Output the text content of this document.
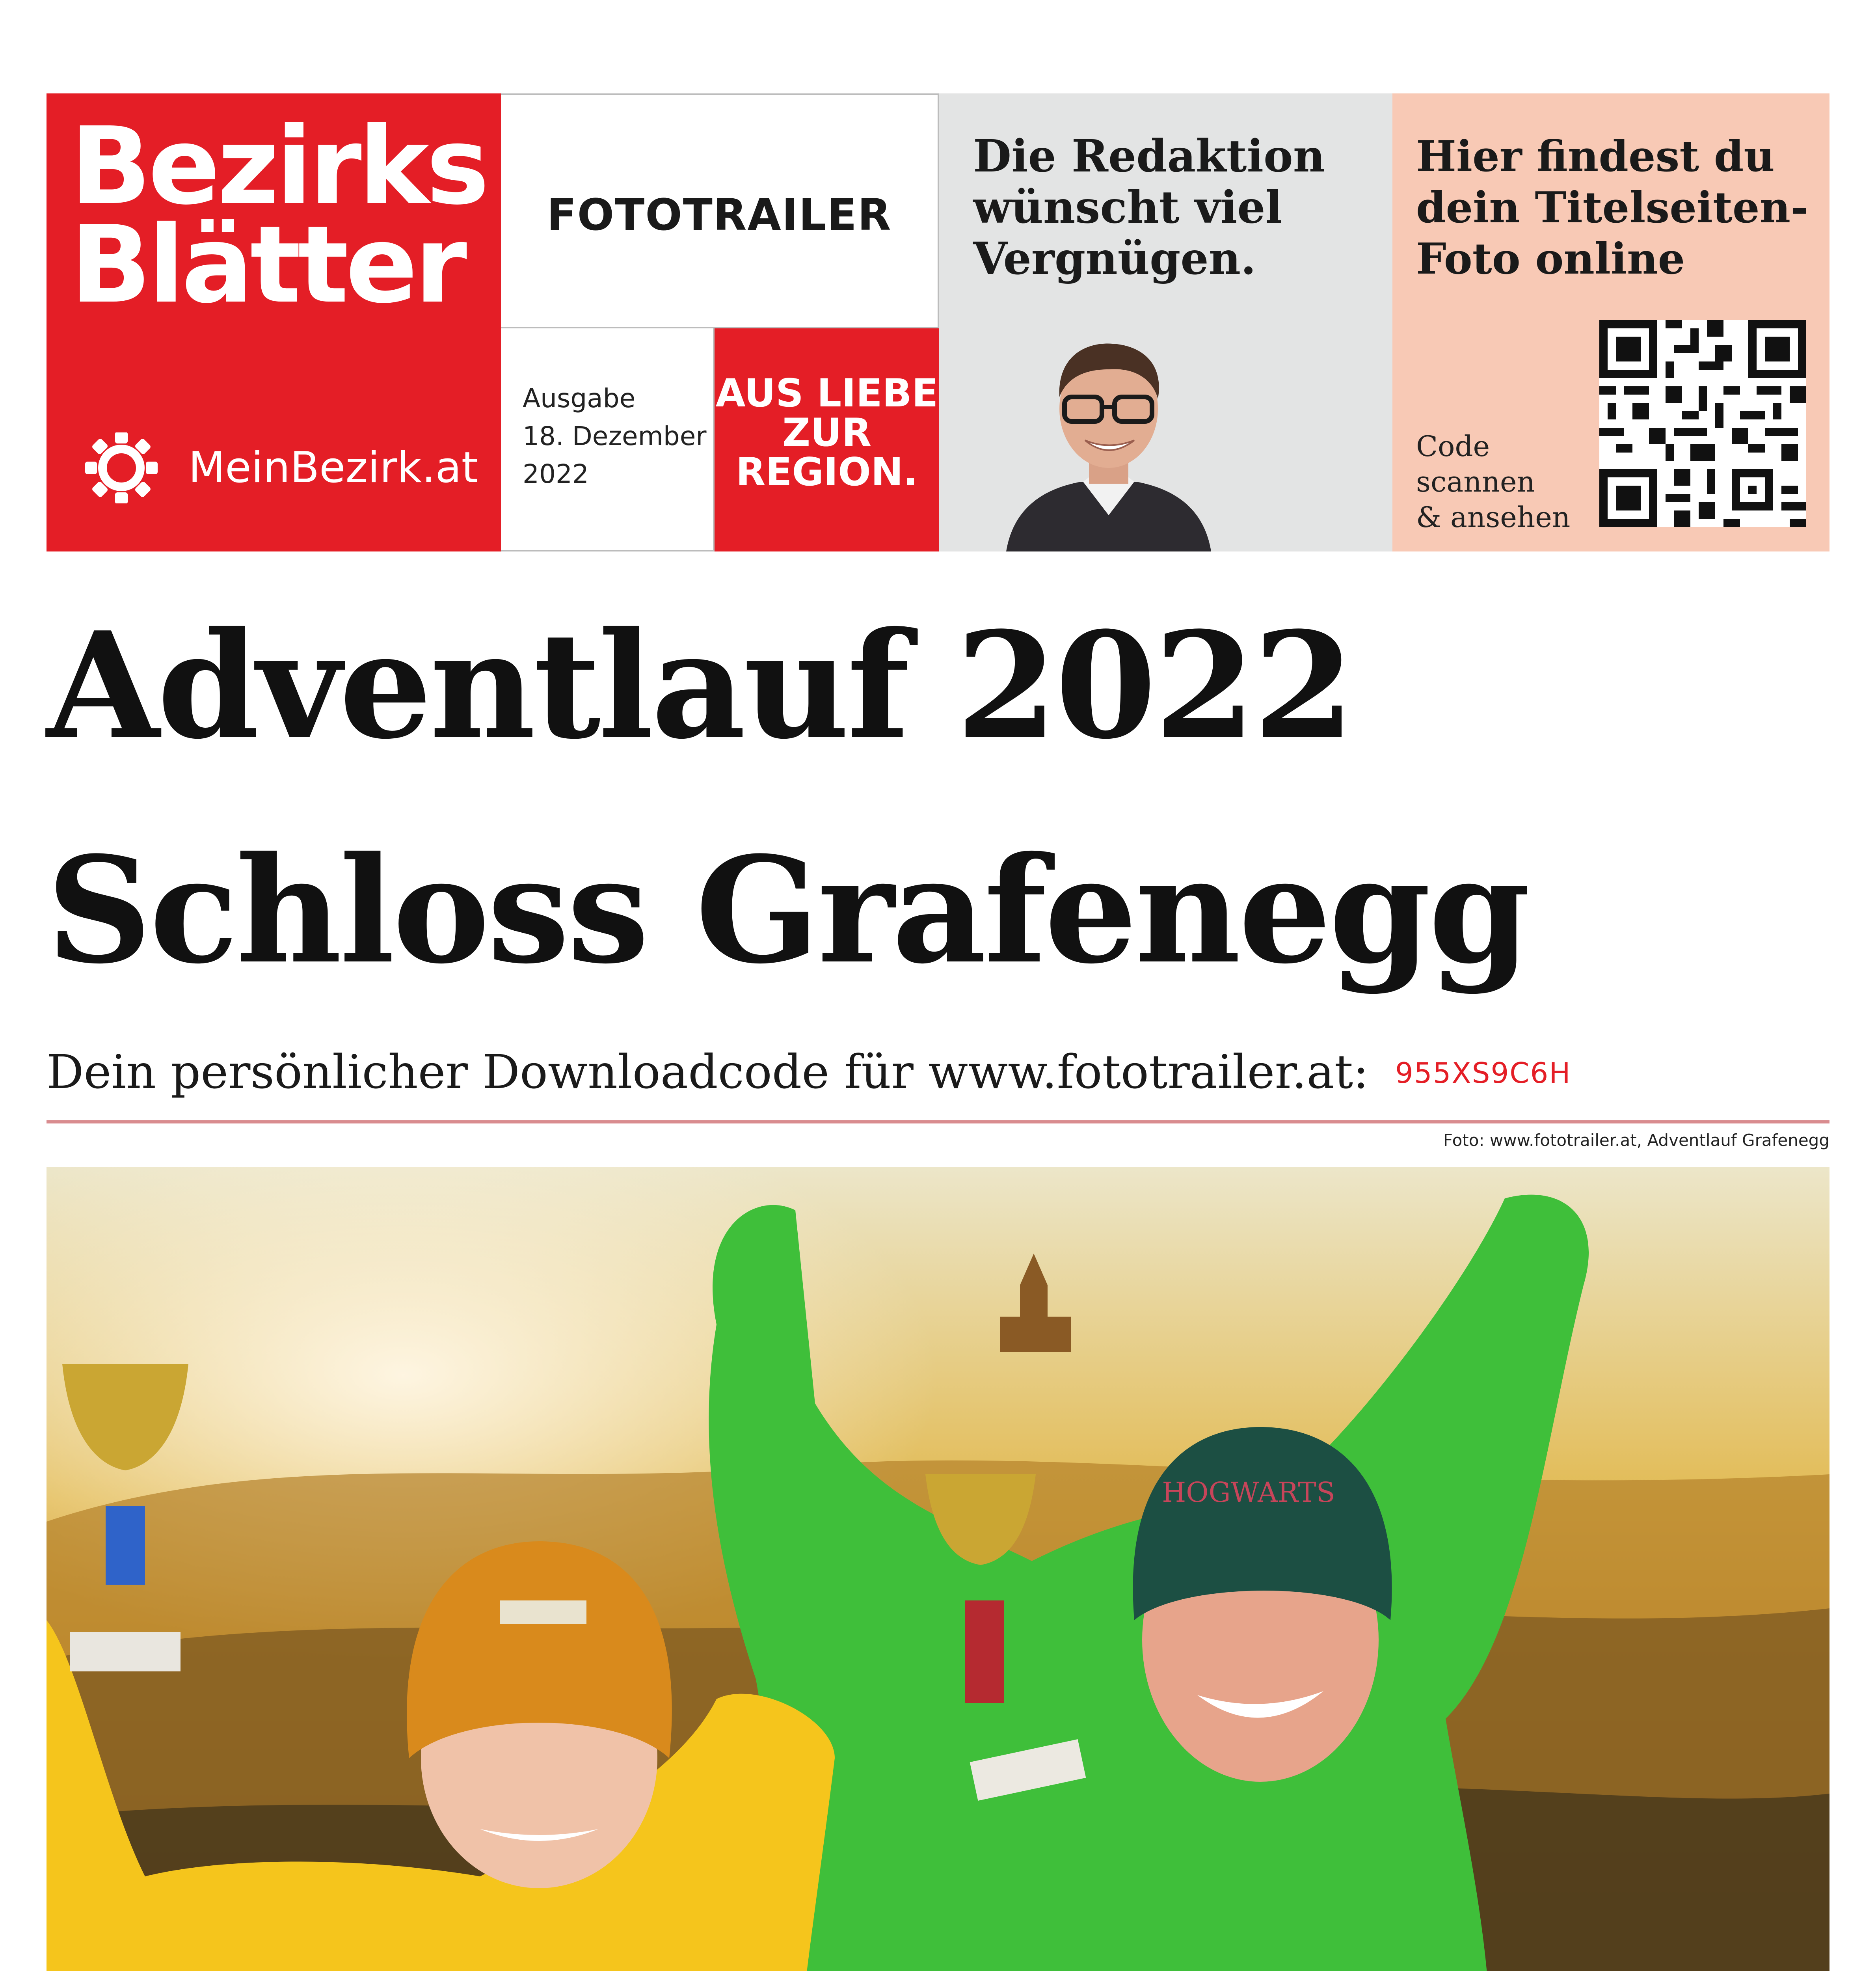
Bezirks
Blätter
MeinBezirk.at
FOTOTRAILER
Ausgabe
18. Dezember
2022
AUS LIEBE
ZUR
REGION.
Die Redaktion
wünscht viel
Vergnügen.
Hier findest du
dein Titelseiten-
Foto online
Code
scannen
& ansehen
Adventlauf 2022
Schloss Grafenegg
Dein persönlicher Downloadcode für www.fototrailer.at: 955XS9C6H
Foto: www.fototrailer.at, Adventlauf Grafenegg
HOGWARTS
